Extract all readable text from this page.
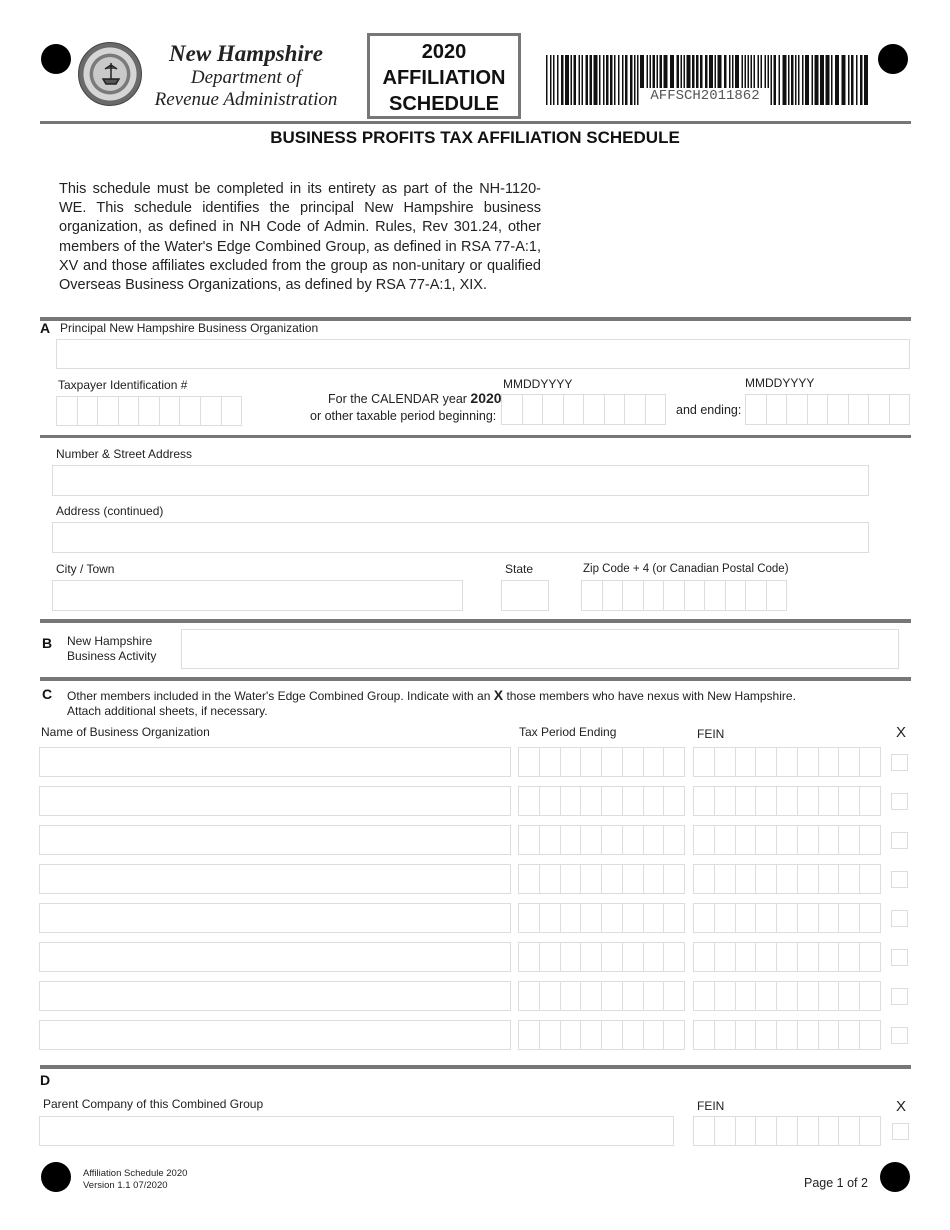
New Hampshire
Department of
Revenue Administration
2020
AFFILIATION
SCHEDULE	AFFSCH2011862
BUSINESS PROFITS TAX AFFILIATION SCHEDULE
This schedule must be completed in its entirety as part of the NH-1120-WE. This schedule identifies the principal New Hampshire business organization, as defined in NH Code of Admin. Rules, Rev 301.24, other members of the Water's Edge Combined Group, as defined in RSA 77-A:1, XV and those affiliates excluded from the group as non-unitary or qualified Overseas Business Organizations, as defined by RSA 77-A:1, XIX.
A Principal New Hampshire Business Organization
Taxpayer Identification #
For the CALENDAR year 2020
or other taxable period beginning:
MMDDYYYY
and ending:
MMDDYYYY
Number & Street Address
Address (continued)
City / Town	State	Zip Code + 4 (or Canadian Postal Code)
B New Hampshire
Business Activity
C Other members included in the Water's Edge Combined Group. Indicate with an X those members who have nexus with New Hampshire.
Attach additional sheets, if necessary.
Name of Business Organization	Tax Period Ending	FEIN	X
D
Parent Company of this Combined Group	FEIN	X
Affiliation Schedule 2020
Version 1.1 07/2020	Page 1 of 2
